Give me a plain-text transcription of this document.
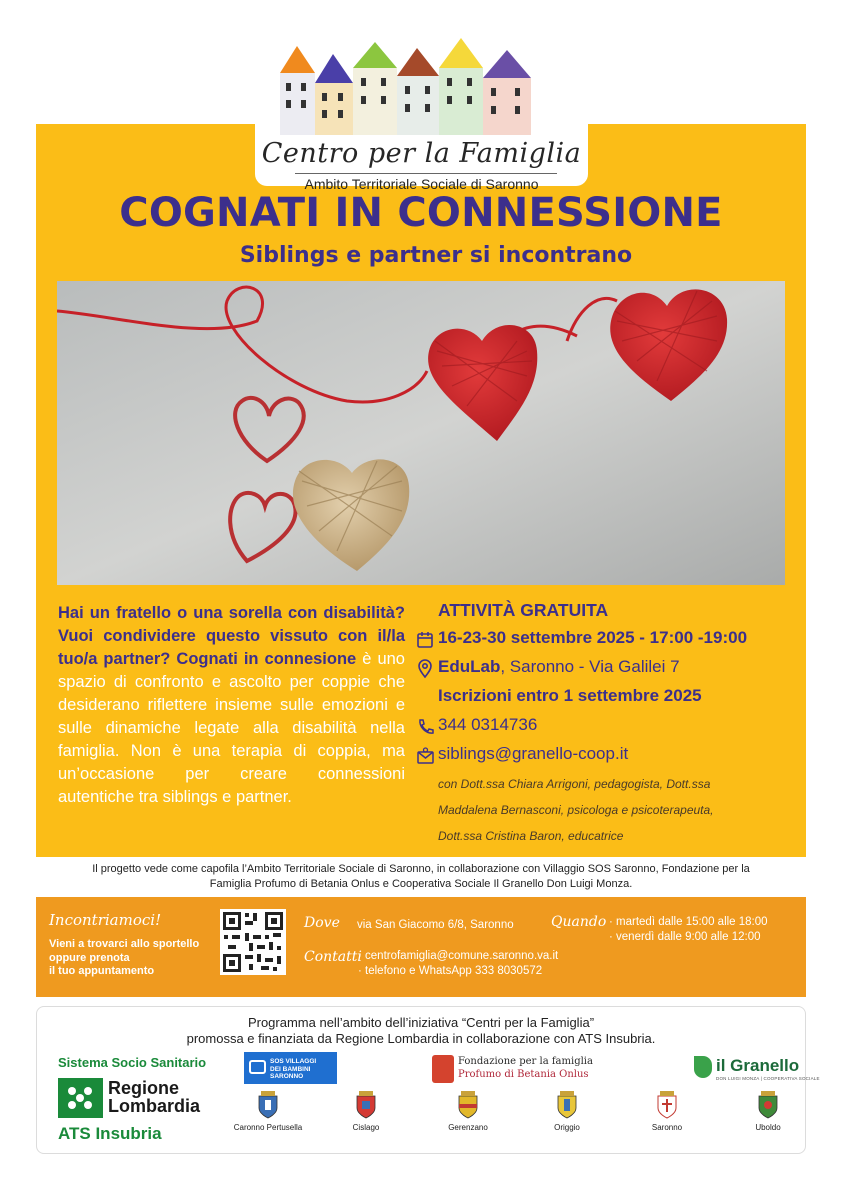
Centro per la Famiglia
Ambito Territoriale Sociale di Saronno
COGNATI IN CONNESSIONE
Siblings e partner si incontrano
Hai un fratello o una sorella con disabilità? Vuoi condividere questo vissuto con il/la tuo/a partner? Cognati in connesione è uno spazio di confronto e ascolto per coppie che desiderano riflettere insieme sulle emozioni e sulle dinamiche legate alla disabilità nella famiglia. Non è una terapia di coppia, ma un’occasione per creare connessioni autentiche tra siblings e partner.
ATTIVITÀ GRATUITA
16-23-30 settembre 2025 - 17:00 -19:00
EduLab, Saronno - Via Galilei 7
Iscrizioni entro 1 settembre 2025
344 0314736
siblings@granello-coop.it
con Dott.ssa Chiara Arrigoni, pedagogista, Dott.ssa
Maddalena Bernasconi, psicologa e psicoterapeuta,
Dott.ssa Cristina Baron, educatrice
Il progetto vede come capofila l’Ambito Territoriale Sociale di Saronno, in collaborazione con Villaggio SOS Saronno, Fondazione per la
Famiglia Profumo di Betania Onlus e Cooperativa Sociale Il Granello Don Luigi Monza.
Incontriamoci!
Vieni a trovarci allo sportello
oppure prenota
il tuo appuntamento
Dove via San Giacomo 6/8, Saronno
Contatti
· centrofamiglia@comune.saronno.va.it
· telefono e WhatsApp 333 8030572
Quando · martedì dalle 15:00 alle 18:00
· venerdì dalle 9:00 alle 12:00
Programma nell’ambito dell’iniziativa “Centri per la Famiglia”
promossa e finanziata da Regione Lombardia in collaborazione con ATS Insubria.
Sistema Socio Sanitario
Regione
Lombardia
ATS Insubria
SOS VILLAGGI
DEI BAMBINI
SARONNO
Fondazione per la famiglia
Profumo di Betania Onlus	il Granello
DON LUIGI MONZA | COOPERATIVA SOCIALE
Caronno Pertusella	Cislago	Gerenzano	Origgio	Saronno	Uboldo
